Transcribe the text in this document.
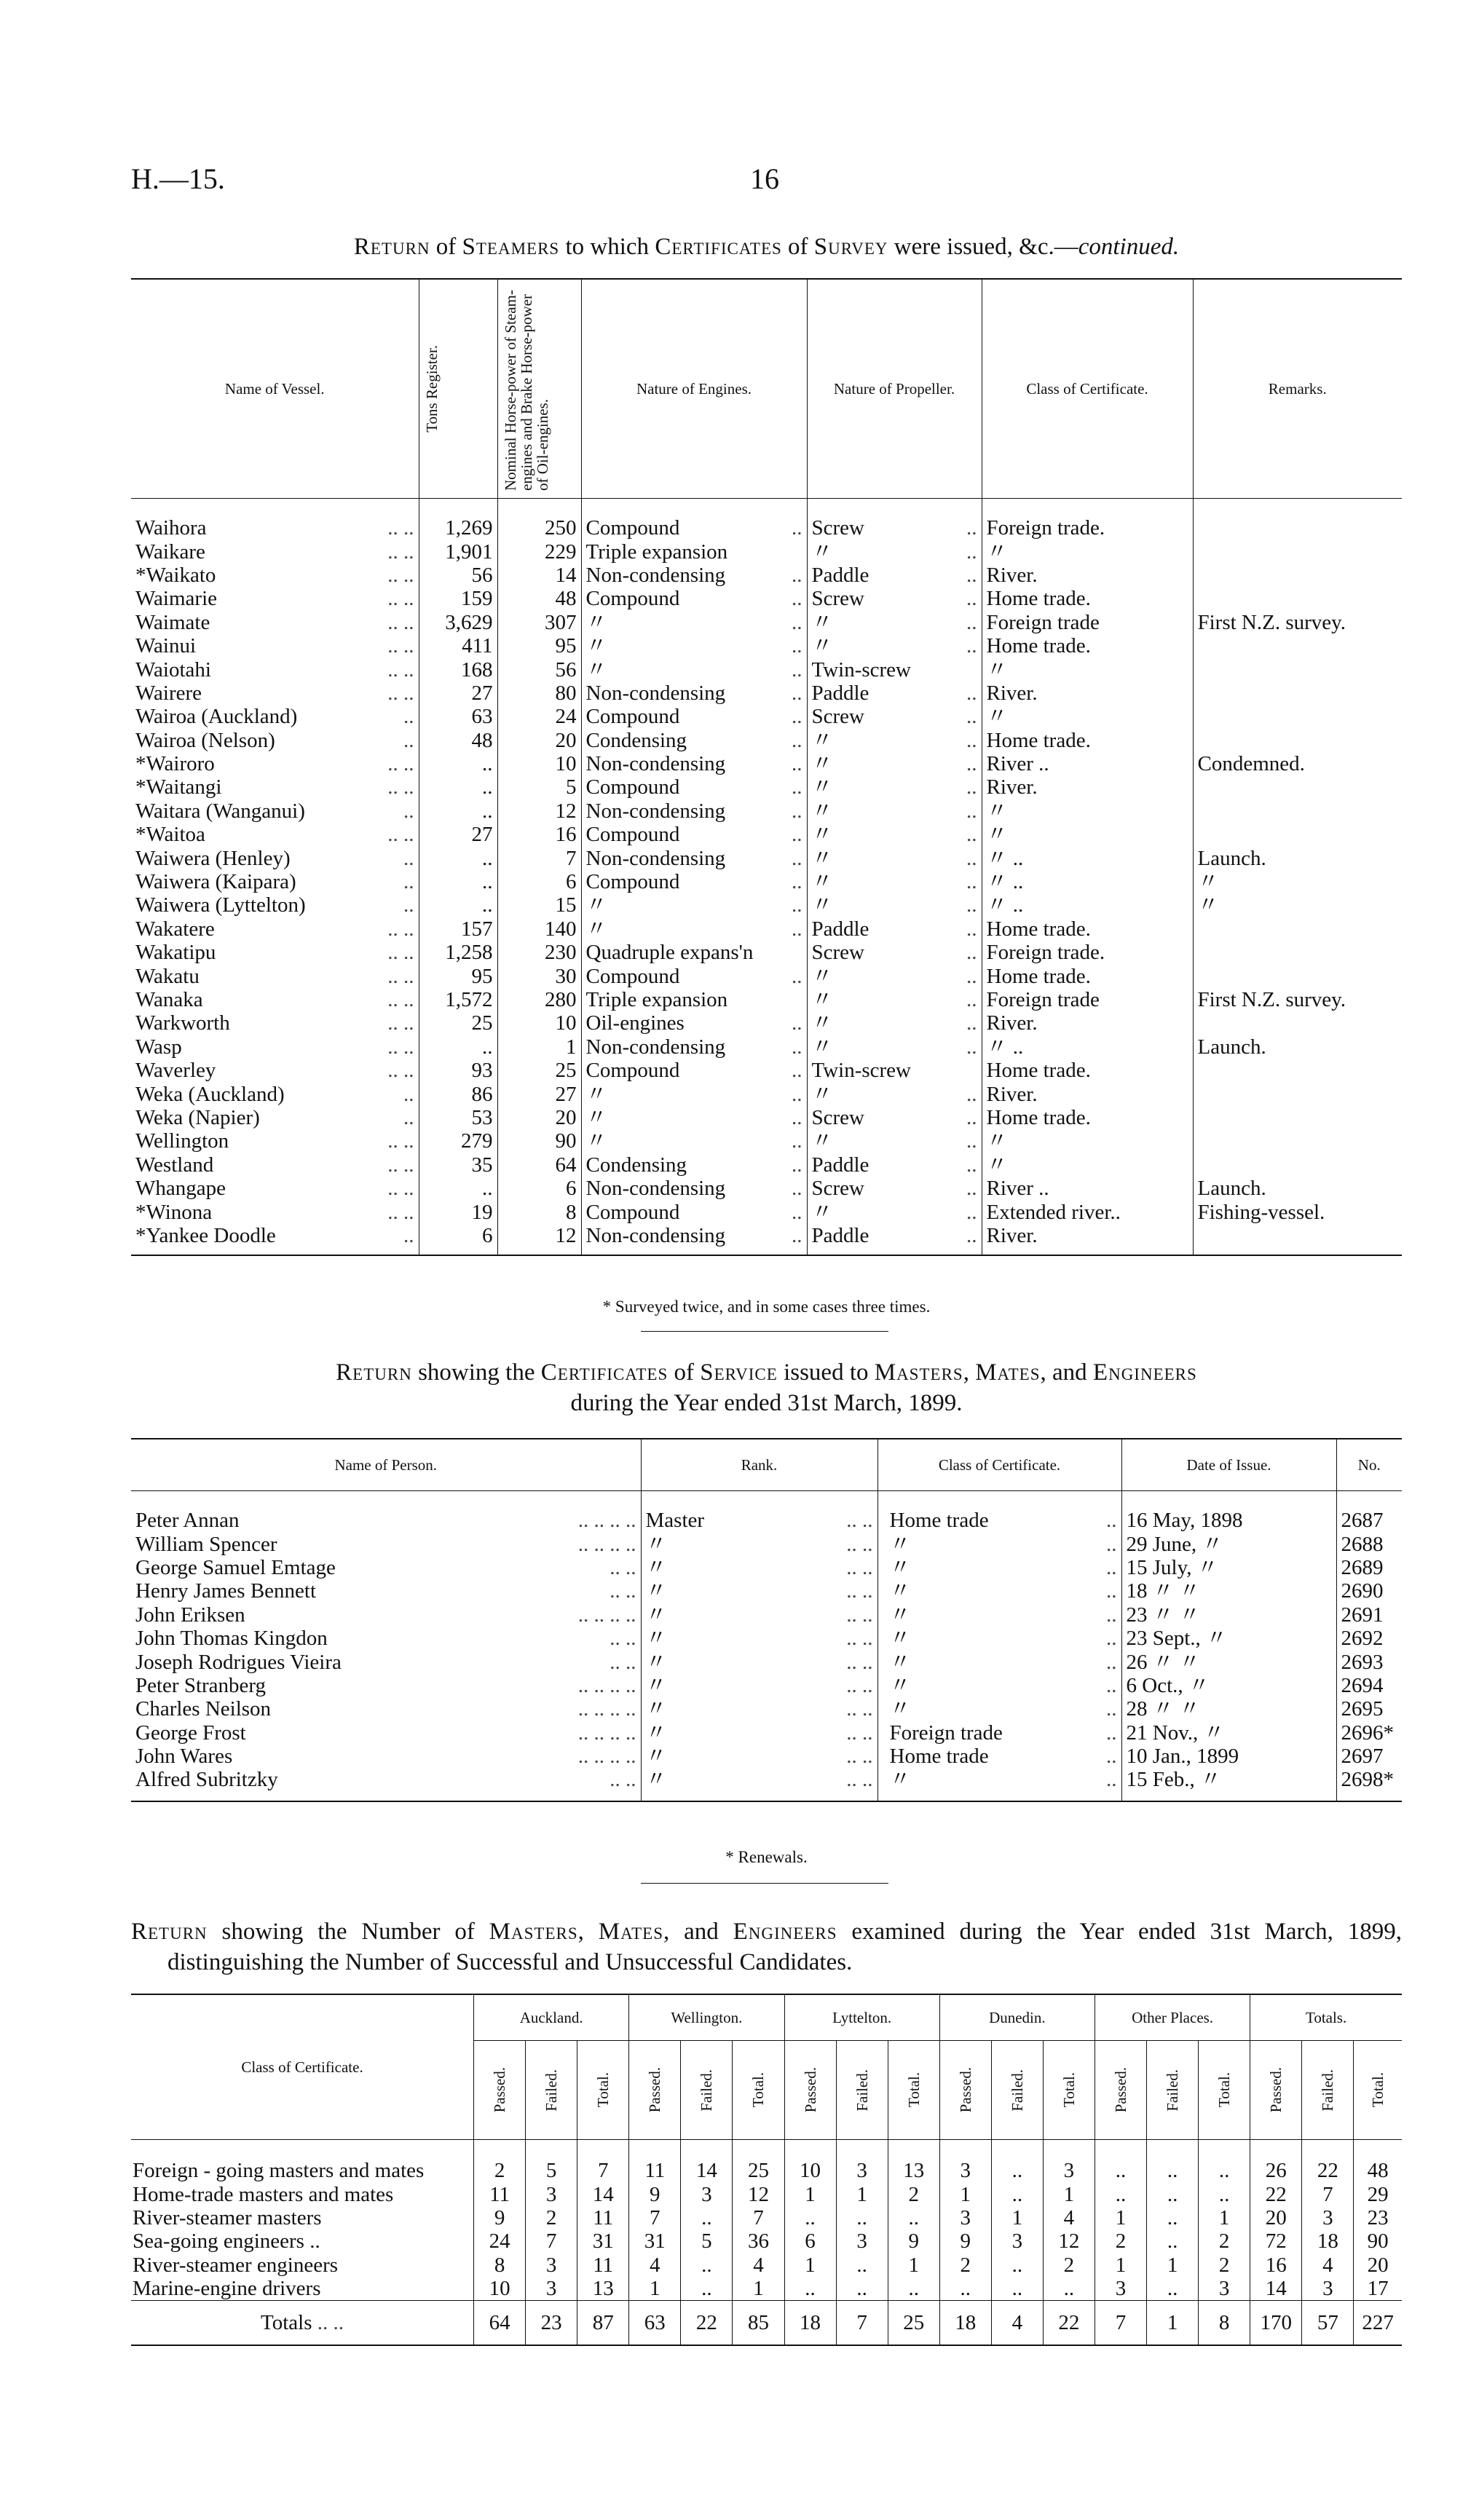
H.—15.	16
Return of Steamers to which Certificates of Survey were issued, &c.—continued.
Name of Vessel.	Tons Register.	Nominal Horse-power of Steam-engines and Brake Horse-power of Oil-engines.	Nature of Engines.	Nature of Propeller.	Class of Certificate.	Remarks.
Waihora .. ..	1,269	250	Compound ..	Screw ..	Foreign trade.	
Waikare .. ..	1,901	229	Triple expansion	〃 ..	〃	
*Waikato .. ..	56	14	Non-condensing ..	Paddle ..	River.	
Waimarie .. ..	159	48	Compound ..	Screw ..	Home trade.	
Waimate .. ..	3,629	307	〃 ..	〃 ..	Foreign trade	First N.Z. survey.
Wainui .. ..	411	95	〃 ..	〃 ..	Home trade.	
Waiotahi .. ..	168	56	〃 ..	Twin-screw	〃	
Wairere .. ..	27	80	Non-condensing ..	Paddle ..	River.	
Wairoa (Auckland) ..	63	24	Compound ..	Screw ..	〃	
Wairoa (Nelson) ..	48	20	Condensing ..	〃 ..	Home trade.	
*Wairoro .. ..	..	10	Non-condensing ..	〃 ..	River ..	Condemned.
*Waitangi .. ..	..	5	Compound ..	〃 ..	River.	
Waitara (Wanganui) ..	..	12	Non-condensing ..	〃 ..	〃	
*Waitoa .. ..	27	16	Compound ..	〃 ..	〃	
Waiwera (Henley) ..	..	7	Non-condensing ..	〃 ..	〃 ..	Launch.
Waiwera (Kaipara) ..	..	6	Compound ..	〃 ..	〃 ..	〃
Waiwera (Lyttelton) ..	..	15	〃 ..	〃 ..	〃 ..	〃
Wakatere .. ..	157	140	〃 ..	Paddle ..	Home trade.	
Wakatipu .. ..	1,258	230	Quadruple expans'n	Screw ..	Foreign trade.	
Wakatu .. ..	95	30	Compound ..	〃 ..	Home trade.	
Wanaka .. ..	1,572	280	Triple expansion	〃 ..	Foreign trade	First N.Z. survey.
Warkworth .. ..	25	10	Oil-engines ..	〃 ..	River.	
Wasp .. ..	..	1	Non-condensing ..	〃 ..	〃 ..	Launch.
Waverley .. ..	93	25	Compound ..	Twin-screw	Home trade.	
Weka (Auckland) ..	86	27	〃 ..	〃 ..	River.	
Weka (Napier) ..	53	20	〃 ..	Screw ..	Home trade.	
Wellington .. ..	279	90	〃 ..	〃 ..	〃	
Westland .. ..	35	64	Condensing ..	Paddle ..	〃	
Whangape .. ..	..	6	Non-condensing ..	Screw ..	River ..	Launch.
*Winona .. ..	19	8	Compound ..	〃 ..	Extended river..	Fishing-vessel.
*Yankee Doodle ..	6	12	Non-condensing ..	Paddle ..	River.	
* Surveyed twice, and in some cases three times.
Return showing the Certificates of Service issued to Masters, Mates, and Engineers
during the Year ended 31st March, 1899.
Name of Person.	Rank.	Class of Certificate.	Date of Issue.	No.
Peter Annan .. .. .. ..	Master .. ..	Home trade ..	16 May, 1898	2687
William Spencer .. .. .. ..	〃 .. ..	〃 ..	29 June, 〃	2688
George Samuel Emtage .. ..	〃 .. ..	〃 ..	15 July, 〃	2689
Henry James Bennett .. ..	〃 .. ..	〃 ..	18 〃 〃	2690
John Eriksen .. .. .. ..	〃 .. ..	〃 ..	23 〃 〃	2691
John Thomas Kingdon .. ..	〃 .. ..	〃 ..	23 Sept., 〃	2692
Joseph Rodrigues Vieira .. ..	〃 .. ..	〃 ..	26 〃 〃	2693
Peter Stranberg .. .. .. ..	〃 .. ..	〃 ..	6 Oct., 〃	2694
Charles Neilson .. .. .. ..	〃 .. ..	〃 ..	28 〃 〃	2695
George Frost .. .. .. ..	〃 .. ..	Foreign trade ..	21 Nov., 〃	2696*
John Wares .. .. .. ..	〃 .. ..	Home trade ..	10 Jan., 1899	2697
Alfred Subritzky .. ..	〃 .. ..	〃 ..	15 Feb., 〃	2698*
* Renewals.
Return showing the Number of Masters, Mates, and Engineers examined during the Year ended 31st March, 1899, distinguishing the Number of Successful and Unsuccessful Candidates.
Class of Certificate.	Auckland.			Wellington.			Lyttelton.			Dunedin.			Other Places.			Totals.		

	Passed.	Failed.	Total.	Passed.	Failed.	Total.	Passed.	Failed.	Total.	Passed.	Failed.	Total.	Passed.	Failed.	Total.	Passed.	Failed.	Total.

Foreign - going masters and mates	2	5	7	11	14	25	10	3	13	3	..	3	..	..	..	26	22	48
Home-trade masters and mates	11	3	14	9	3	12	1	1	2	1	..	1	..	..	..	22	7	29
River-steamer masters	9	2	11	7	..	7	..	..	..	3	1	4	1	..	1	20	3	23
Sea-going engineers ..	24	7	31	31	5	36	6	3	9	9	3	12	2	..	2	72	18	90
River-steamer engineers	8	3	11	4	..	4	1	..	1	2	..	2	1	1	2	16	4	20
Marine-engine drivers	10	3	13	1	..	1	..	..	..	..	..	..	3	..	3	14	3	17
Totals .. ..	64	23	87	63	22	85	18	7	25	18	4	22	7	1	8	170	57	227
